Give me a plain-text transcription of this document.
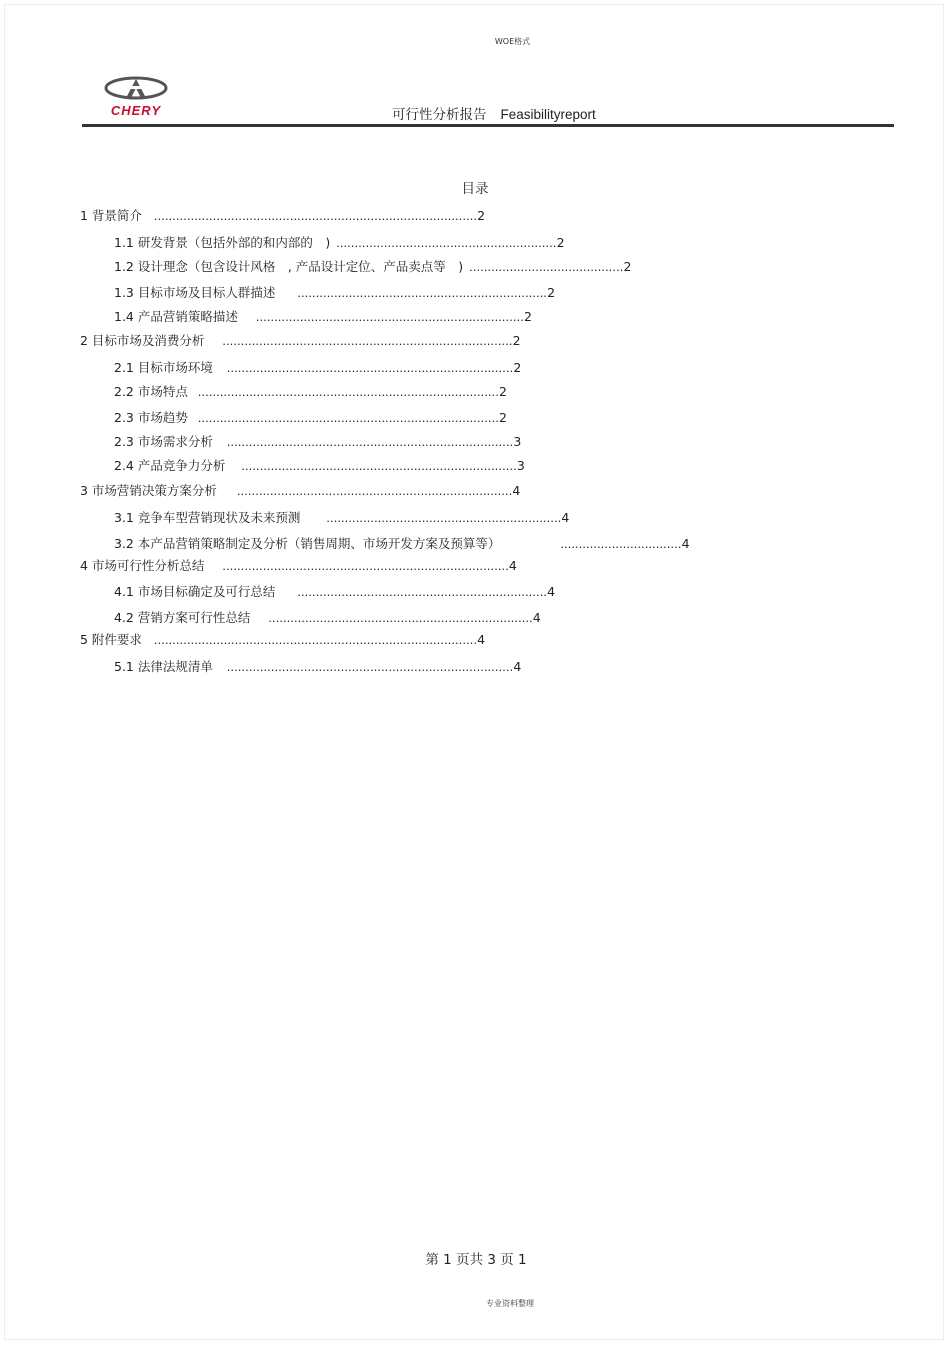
WOE格式
CHERY	可行性分析报告 Feasibilityreport
目录
1 背景简介 ........................................................................................2
1.1 研发背景（包括外部的和内部的　) ............................................................2
1.2 设计理念（包含设计风格　, 产品设计定位、产品卖点等　) ..........................................2
1.3 目标市场及目标人群描述 ....................................................................2
1.4 产品营销策略描述 .........................................................................2
2 目标市场及消费分析 ...............................................................................2
2.1 目标市场环境 ..............................................................................2
2.2 市场特点 ..................................................................................2
2.3 市场趋势 ..................................................................................2
2.3 市场需求分析 ..............................................................................3
2.4 产品竞争力分析 ...........................................................................3
3 市场营销决策方案分析 ...........................................................................4
3.1 竞争车型营销现状及未来预测 ................................................................4
3.2 本产品营销策略制定及分析（销售周期、市场开发方案及预算等）	.................................4
4 市场可行性分析总结 ..............................................................................4
4.1 市场目标确定及可行总结 ....................................................................4
4.2 营销方案可行性总结 ........................................................................4
5 附件要求 ........................................................................................4
5.1 法律法规清单 ..............................................................................4
第 1 页共 3 页 1
专业资料整理
